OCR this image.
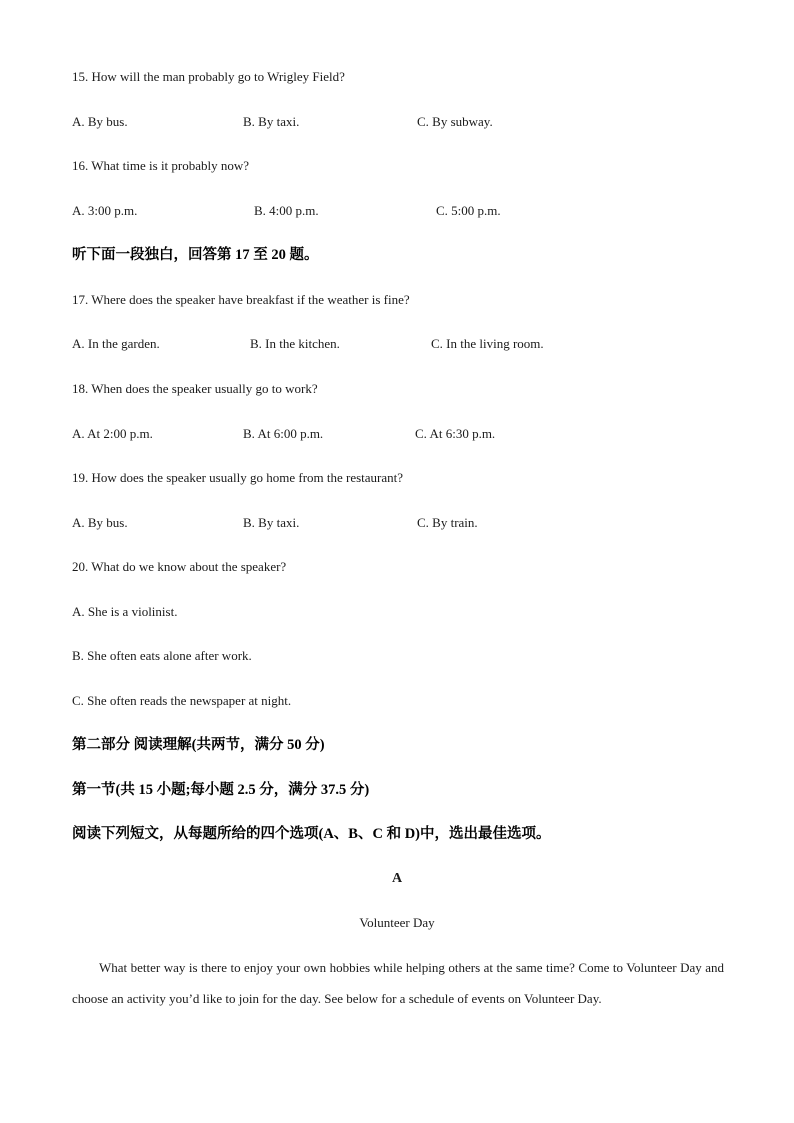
15. How will the man probably go to Wrigley Field?
A. By bus.	B. By taxi.	C. By subway.
16. What time is it probably now?
A. 3:00 p.m.	B. 4:00 p.m.	C. 5:00 p.m.
听下面一段独白，回答第 17 至 20 题。
17. Where does the speaker have breakfast if the weather is fine?
A. In the garden.	B. In the kitchen.	C. In the living room.
18. When does the speaker usually go to work?
A. At 2:00 p.m.	B. At 6:00 p.m.	C. At 6:30 p.m.
19. How does the speaker usually go home from the restaurant?
A. By bus.	B. By taxi.	C. By train.
20. What do we know about the speaker?
A. She is a violinist.
B. She often eats alone after work.
C. She often reads the newspaper at night.
第二部分 阅读理解(共两节，满分 50 分)
第一节(共 15 小题;每小题 2.5 分，满分 37.5 分)
阅读下列短文，从每题所给的四个选项(A、B、C 和 D)中，选出最佳选项。
A
Volunteer Day
What better way is there to enjoy your own hobbies while helping others at the same time? Come to Volunteer Day and choose an activity you’d like to join for the day. See below for a schedule of events on Volunteer Day.
